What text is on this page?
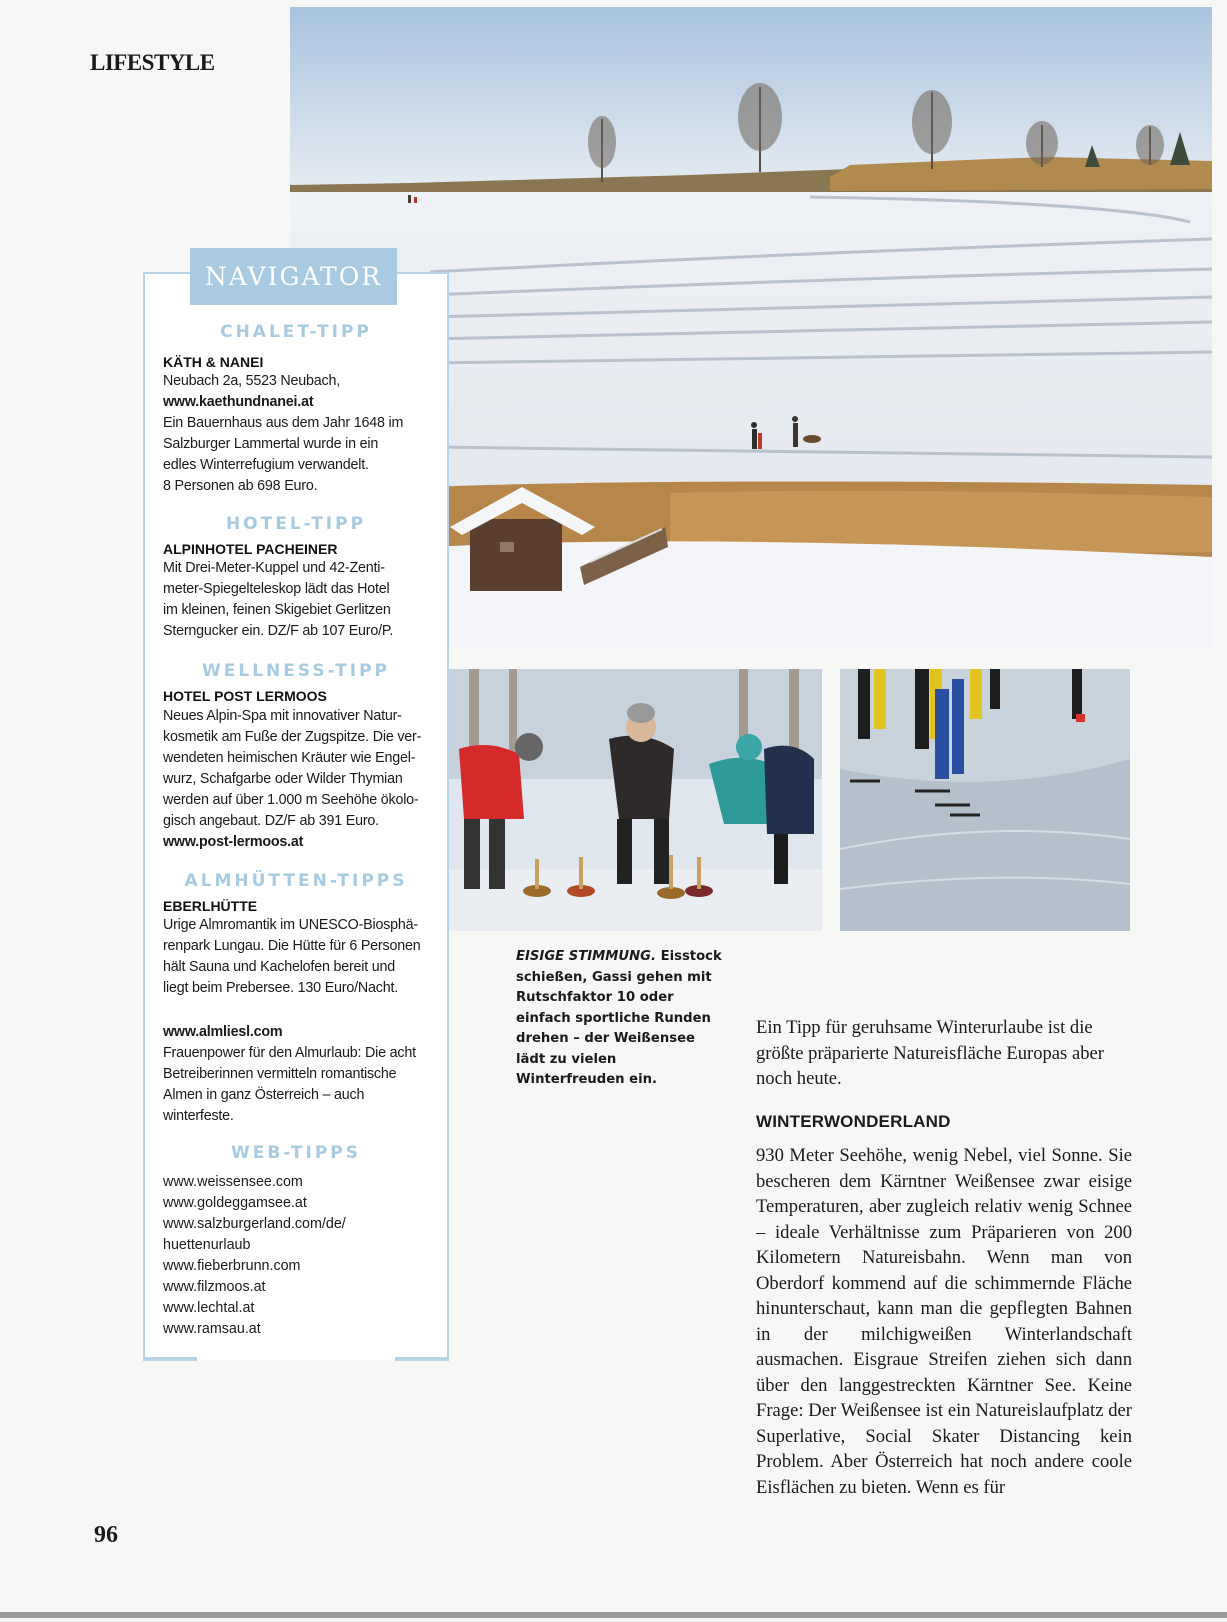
LIFESTYLE
NAVIGATOR
CHALET-TIPP
KÄTH & NANEI
Neubach 2a, 5523 Neubach,
www.kaethundnanei.at
Ein Bauernhaus aus dem Jahr 1648 im
Salzburger Lammertal wurde in ein
edles Winterrefugium verwandelt.
8 Personen ab 698 Euro.
HOTEL-TIPP
ALPINHOTEL PACHEINER
Mit Drei-Meter-Kuppel und 42-Zenti-
meter-Spiegelteleskop lädt das Hotel
im kleinen, feinen Skigebiet Gerlitzen
Sterngucker ein. DZ/F ab 107 Euro/P.
WELLNESS-TIPP
HOTEL POST LERMOOS
Neues Alpin-Spa mit innovativer Natur-
kosmetik am Fuße der Zugspitze. Die ver-
wendeten heimischen Kräuter wie Engel-
wurz, Schafgarbe oder Wilder Thymian
werden auf über 1.000 m Seehöhe ökolo-
gisch angebaut. DZ/F ab 391 Euro.
www.post-lermoos.at
ALMHÜTTEN-TIPPS
EBERLHÜTTE
Urige Almromantik im UNESCO-Biosphä-
renpark Lungau. Die Hütte für 6 Personen
hält Sauna und Kachelofen bereit und
liegt beim Prebersee. 130 Euro/Nacht.
www.almliesl.com
Frauenpower für den Almurlaub: Die acht
Betreiberinnen vermitteln romantische
Almen in ganz Österreich – auch
winterfeste.
WEB-TIPPS
www.weissensee.com
www.goldeggamsee.at
www.salzburgerland.com/de/
huettenurlaub
www.fieberbrunn.com
www.filzmoos.at
www.lechtal.at
www.ramsau.at
EISIGE STIMMUNG. Eisstock schießen, Gassi gehen mit Rutschfaktor 10 oder einfach sportliche Runden drehen – der Weißensee lädt zu vielen Winterfreuden ein.
Ein Tipp für geruhsame Winterurlaube ist die größte präparierte Natureisfläche Europas aber noch heute.
WINTERWONDERLAND
930 Meter Seehöhe, wenig Nebel, viel Sonne. Sie bescheren dem Kärntner Weißensee zwar eisige Temperaturen, aber zugleich relativ wenig Schnee – ideale Verhältnisse zum Präparieren von 200 Kilometern Natureisbahn. Wenn man von Oberdorf kommend auf die schimmernde Fläche hinunterschaut, kann man die gepflegten Bahnen in der milchigweißen Winterlandschaft ausmachen. Eisgraue Streifen ziehen sich dann über den langgestreckten Kärntner See. Keine Frage: Der Weißensee ist ein Natureislaufplatz der Superlative, Social Skater Distancing kein Problem. Aber Österreich hat noch andere coole Eisflächen zu bieten. Wenn es für
96
